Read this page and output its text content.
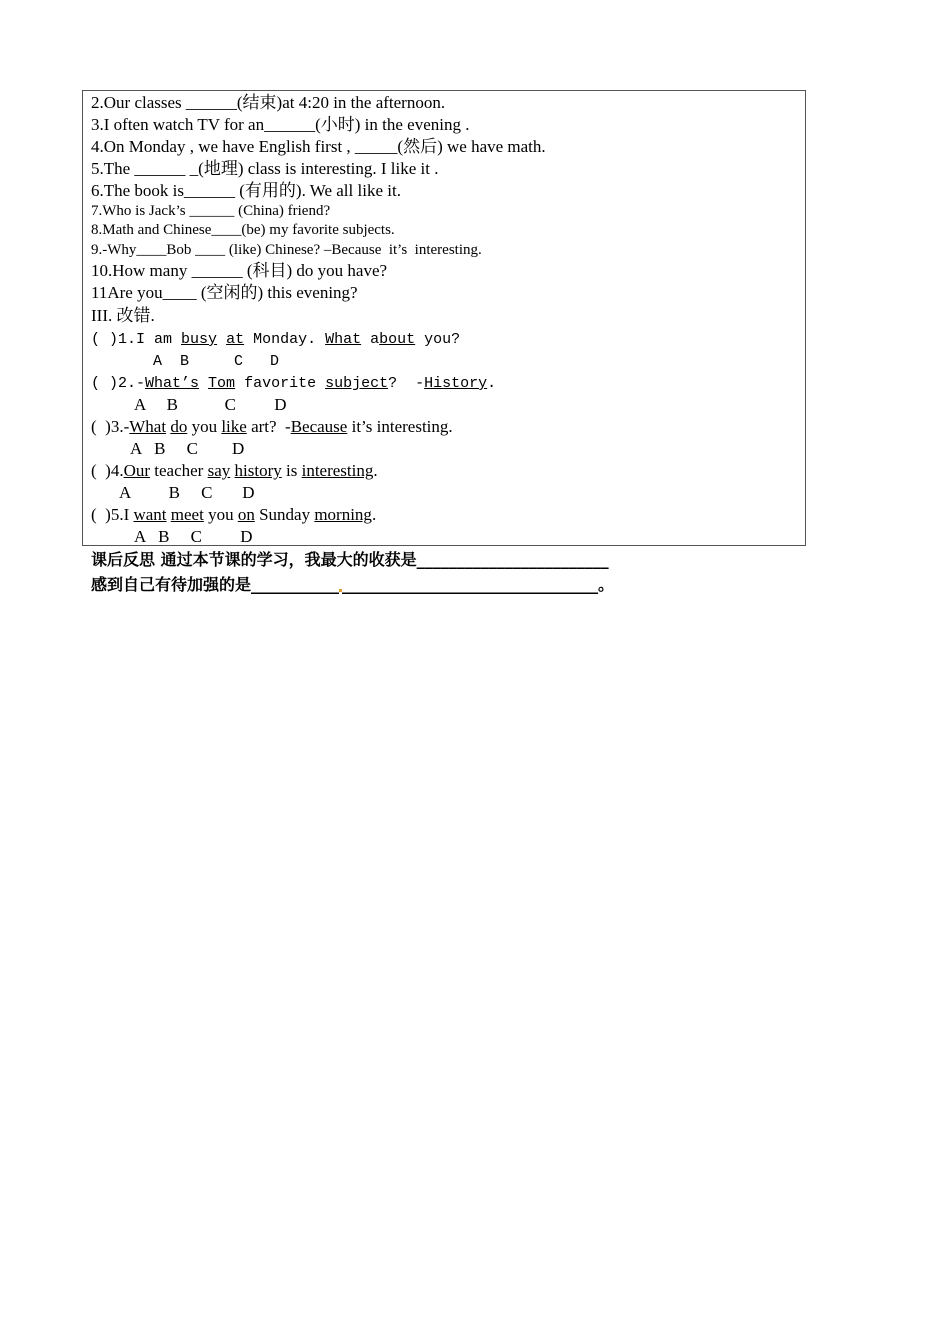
2.Our classes ______(结束)at 4:20 in the afternoon.
3.I often watch TV for an______(小时) in the evening .
4.On Monday , we have English first , _____(然后) we have math.
5.The ______ _(地理) class is interesting. I like it .
6.The book is______ (有用的). We all like it.
7.Who is Jack’s ______ (China) friend?
8.Math and Chinese____(be) my favorite subjects.
9.-Why____Bob ____ (like) Chinese? –Because  it’s  interesting.
10.How many ______ (科目) do you have?
11Are you____ (空闲的) this evening?
III. 改错.
( )1.I am busy at Monday. What about you?
A  B     C   D
( )2.-What’s Tom favorite subject?  -History.
A     B           C         D
(  )3.-What do you like art?  -Because it’s interesting.
A   B     C        D
(  )4.Our teacher say history is interesting.
A         B     C       D
(  )5.I want meet you on Sunday morning.
A   B     C         D
课后反思 通过本节课的学习，我最大的收获是________________________
感到自己有待加强的是___________ ________________________________。
